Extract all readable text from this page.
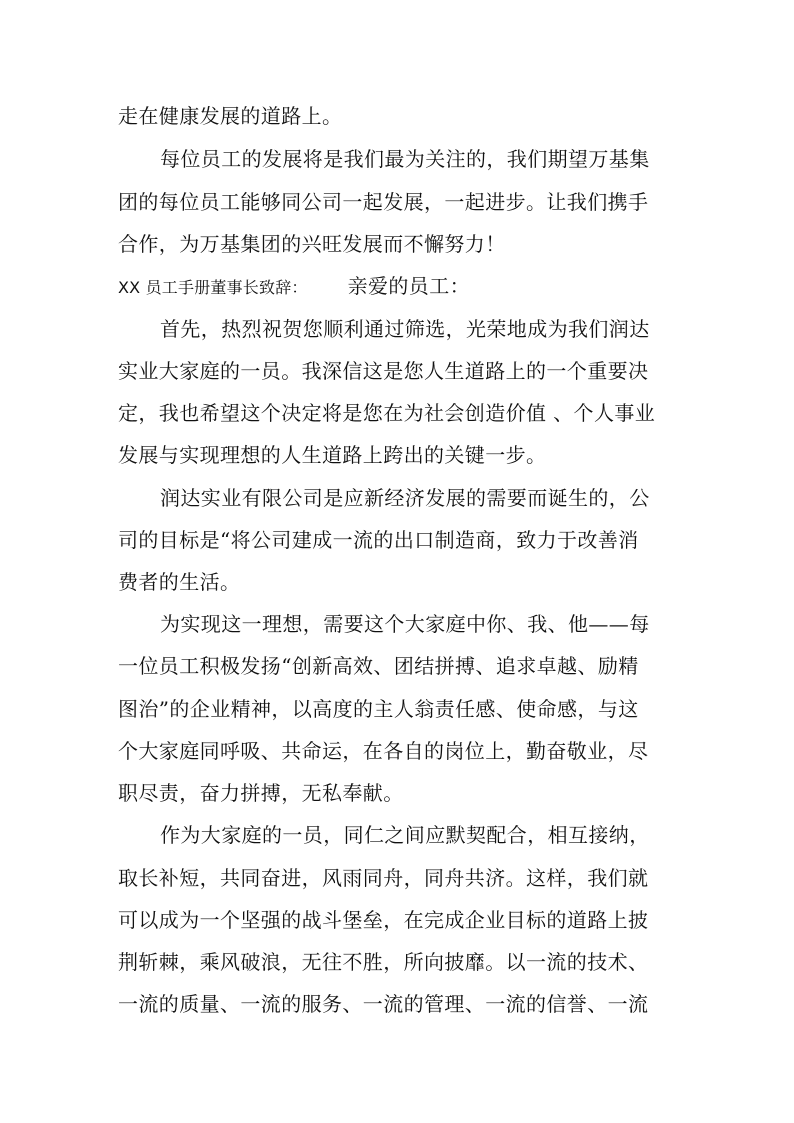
走在健康发展的道路上。
每位员工的发展将是我们最为关注的，我们期望万基集
团的每位员工能够同公司一起发展，一起进步。让我们携手
合作，为万基集团的兴旺发展而不懈努力！
XX 员工手册董事长致辞： 亲爱的员工：
首先，热烈祝贺您顺利通过筛选，光荣地成为我们润达
实业大家庭的一员。我深信这是您人生道路上的一个重要决
定，我也希望这个决定将是您在为社会创造价值 、个人事业
发展与实现理想的人生道路上跨出的关键一步。
润达实业有限公司是应新经济发展的需要而诞生的，公
司的目标是“将公司建成一流的出口制造商，致力于改善消
费者的生活。
为实现这一理想，需要这个大家庭中你、我、他——每
一位员工积极发扬“创新高效、团结拼搏、追求卓越、励精
图治”的企业精神，以高度的主人翁责任感、使命感，与这
个大家庭同呼吸、共命运，在各自的岗位上，勤奋敬业，尽
职尽责，奋力拼搏，无私奉献。
作为大家庭的一员，同仁之间应默契配合，相互接纳，
取长补短，共同奋进，风雨同舟，同舟共济。这样，我们就
可以成为一个坚强的战斗堡垒，在完成企业目标的道路上披
荆斩棘，乘风破浪，无往不胜，所向披靡。以一流的技术、
一流的质量、一流的服务、一流的管理、一流的信誉、一流
